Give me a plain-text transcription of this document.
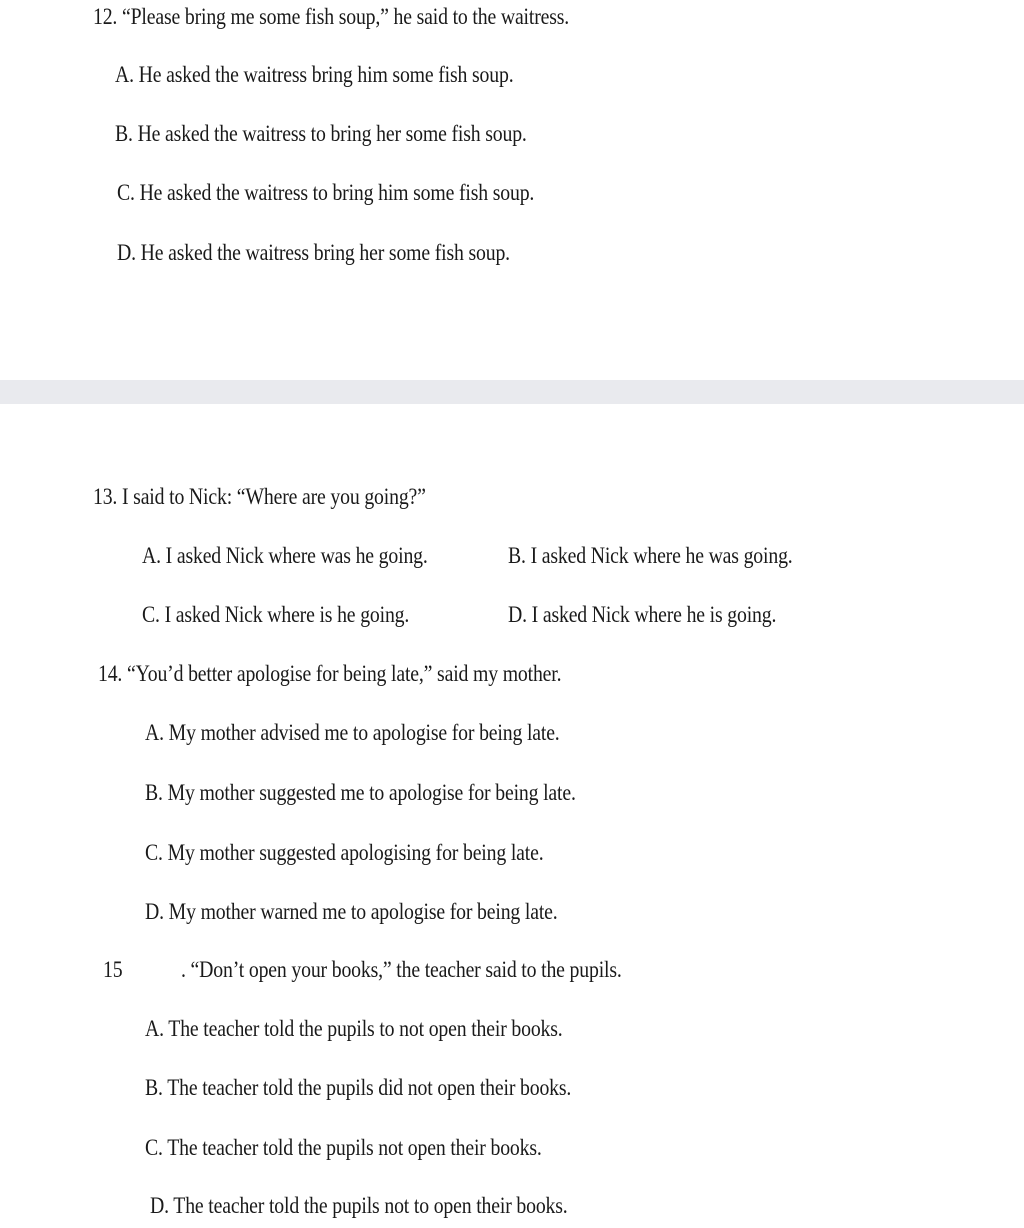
12. “Please bring me some fish soup,” he said to the waitress.
A. He asked the waitress bring him some fish soup.
B. He asked the waitress to bring her some fish soup.
C. He asked the waitress to bring him some fish soup.
D. He asked the waitress bring her some fish soup.
13. I said to Nick: “Where are you going?”
A. I asked Nick where was he going.	B. I asked Nick where he was going.
C. I asked Nick where is he going.	D. I asked Nick where he is going.
14. “You’d better apologise for being late,” said my mother.
A. My mother advised me to apologise for being late.
B. My mother suggested me to apologise for being late.
C. My mother suggested apologising for being late.
D. My mother warned me to apologise for being late.
15	. “Don’t open your books,” the teacher said to the pupils.
A. The teacher told the pupils to not open their books.
B. The teacher told the pupils did not open their books.
C. The teacher told the pupils not open their books.
D. The teacher told the pupils not to open their books.
